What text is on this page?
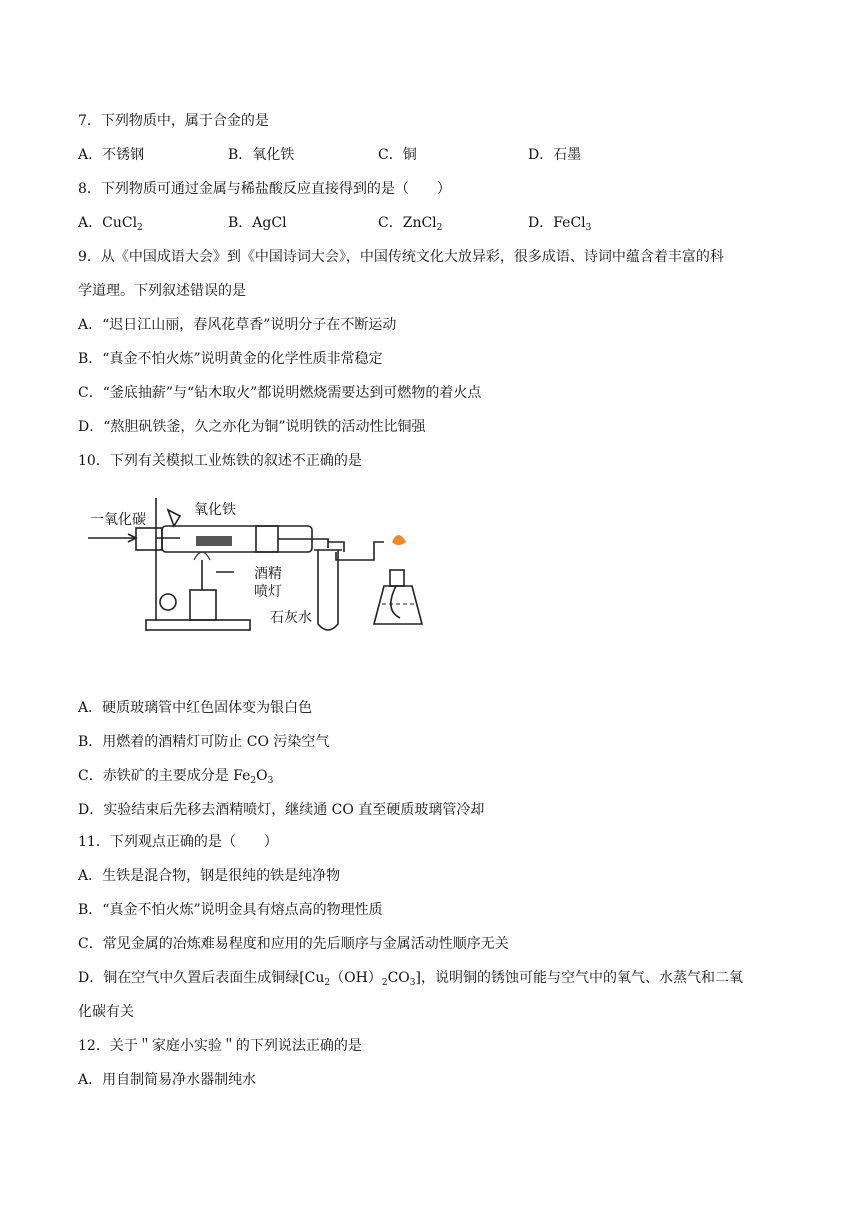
7．下列物质中，属于合金的是
A．不锈钢	B．氧化铁	C．铜	D．石墨
8．下列物质可通过金属与稀盐酸反应直接得到的是（　　）
A．CuCl$_2$	B．AgCl	C．ZnCl$_2$	D．FeCl$_3$
9．从《中国成语大会》到《中国诗词大会》，中国传统文化大放异彩，很多成语、诗词中蕴含着丰富的科
学道理。下列叙述错误的是
A．“迟日江山丽，春风花草香”说明分子在不断运动
B．“真金不怕火炼”说明黄金的化学性质非常稳定
C．“釜底抽薪”与“钻木取火”都说明燃烧需要达到可燃物的着火点
D．“熬胆矾铁釜，久之亦化为铜”说明铁的活动性比铜强
10．下列有关模拟工业炼铁的叙述不正确的是
一氧化碳
氧化铁
酒精
喷灯
石灰水
A．硬质玻璃管中红色固体变为银白色
B．用燃着的酒精灯可防止 CO 污染空气
C．赤铁矿的主要成分是 $Fe_2O_3$
D．实验结束后先移去酒精喷灯，继续通 CO 直至硬质玻璃管冷却
11．下列观点正确的是（　　）
A．生铁是混合物，钢是很纯的铁是纯净物
B．“真金不怕火炼”说明金具有熔点高的物理性质
C．常见金属的冶炼难易程度和应用的先后顺序与金属活动性顺序无关
D．铜在空气中久置后表面生成铜绿$[Cu_2(OH)_2CO_3]$，说明铜的锈蚀可能与空气中的氧气、水蒸气和二氧
化碳有关
12．关于＂家庭小实验＂的下列说法正确的是
A．用自制简易净水器制纯水
